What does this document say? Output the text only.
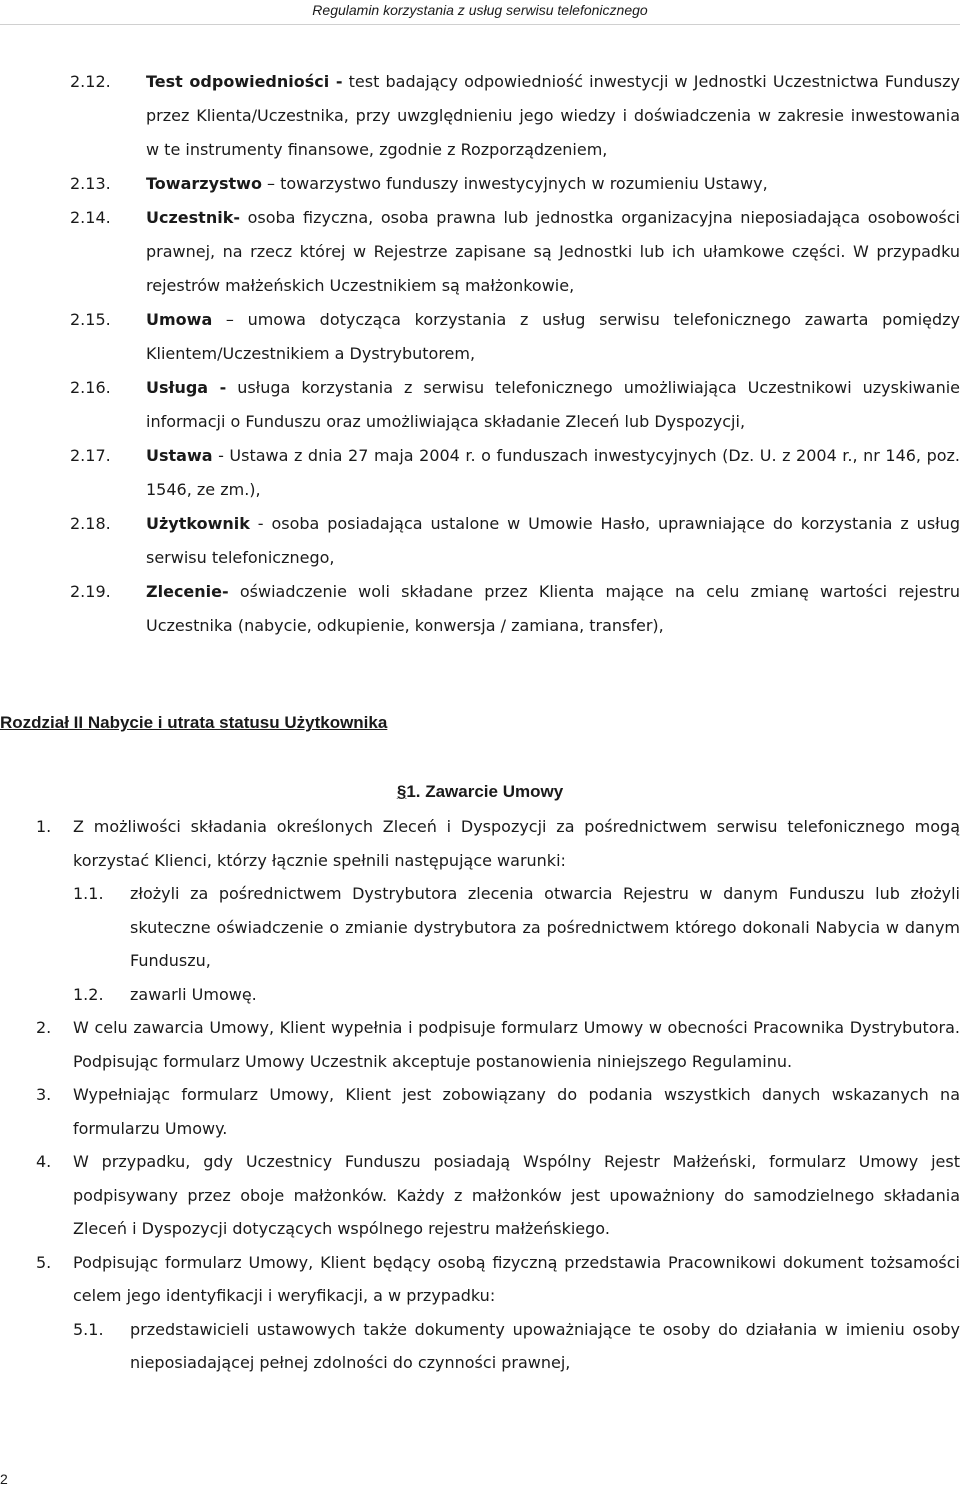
Regulamin korzystania z usług serwisu telefonicznego
2.12.	Test odpowiedniości - test badający odpowiedniość inwestycji w Jednostki Uczestnictwa Funduszy przez Klienta/Uczestnika, przy uwzględnieniu jego wiedzy i doświadczenia w zakresie inwestowania w te instrumenty finansowe, zgodnie z Rozporządzeniem,
2.13.	Towarzystwo – towarzystwo funduszy inwestycyjnych w rozumieniu Ustawy,
2.14.	Uczestnik- osoba fizyczna, osoba prawna lub jednostka organizacyjna nieposiadająca osobowości prawnej, na rzecz której w Rejestrze zapisane są Jednostki lub ich ułamkowe części. W przypadku rejestrów małżeńskich Uczestnikiem są małżonkowie,
2.15.	Umowa – umowa dotycząca korzystania z usług serwisu telefonicznego zawarta pomiędzy Klientem/Uczestnikiem a Dystrybutorem,
2.16.	Usługa - usługa korzystania z serwisu telefonicznego umożliwiająca Uczestnikowi uzyskiwanie informacji o Funduszu oraz umożliwiająca składanie Zleceń lub Dyspozycji,
2.17.	Ustawa - Ustawa z dnia 27 maja 2004 r. o funduszach inwestycyjnych (Dz. U. z 2004 r., nr 146, poz. 1546, ze zm.),
2.18.	Użytkownik - osoba posiadająca ustalone w Umowie Hasło, uprawniające do korzystania z usług serwisu telefonicznego,
2.19.	Zlecenie- oświadczenie woli składane przez Klienta mające na celu zmianę wartości rejestru Uczestnika (nabycie, odkupienie, konwersja / zamiana, transfer),
Rozdział II Nabycie i utrata statusu Użytkownika
§1. Zawarcie Umowy
1.	Z możliwości składania określonych Zleceń i Dyspozycji za pośrednictwem serwisu telefonicznego mogą korzystać Klienci, którzy łącznie spełnili następujące warunki:
1.1.	złożyli za pośrednictwem Dystrybutora zlecenia otwarcia Rejestru w danym Funduszu lub złożyli skuteczne oświadczenie o zmianie dystrybutora za pośrednictwem którego dokonali Nabycia w danym Funduszu,
1.2.	zawarli Umowę.
2.	W celu zawarcia Umowy, Klient wypełnia i podpisuje formularz Umowy w obecności Pracownika Dystrybutora. Podpisując formularz Umowy Uczestnik akceptuje postanowienia niniejszego Regulaminu.
3.	Wypełniając formularz Umowy, Klient jest zobowiązany do podania wszystkich danych wskazanych na formularzu Umowy.
4.	W przypadku, gdy Uczestnicy Funduszu posiadają Wspólny Rejestr Małżeński, formularz Umowy jest podpisywany przez oboje małżonków. Każdy z małżonków jest upoważniony do samodzielnego składania Zleceń i Dyspozycji dotyczących wspólnego rejestru małżeńskiego.
5.	Podpisując formularz Umowy, Klient będący osobą fizyczną przedstawia Pracownikowi dokument tożsamości celem jego identyfikacji i weryfikacji, a w przypadku:
5.1.	przedstawicieli ustawowych także dokumenty upoważniające te osoby do działania w imieniu osoby nieposiadającej pełnej zdolności do czynności prawnej,
2
